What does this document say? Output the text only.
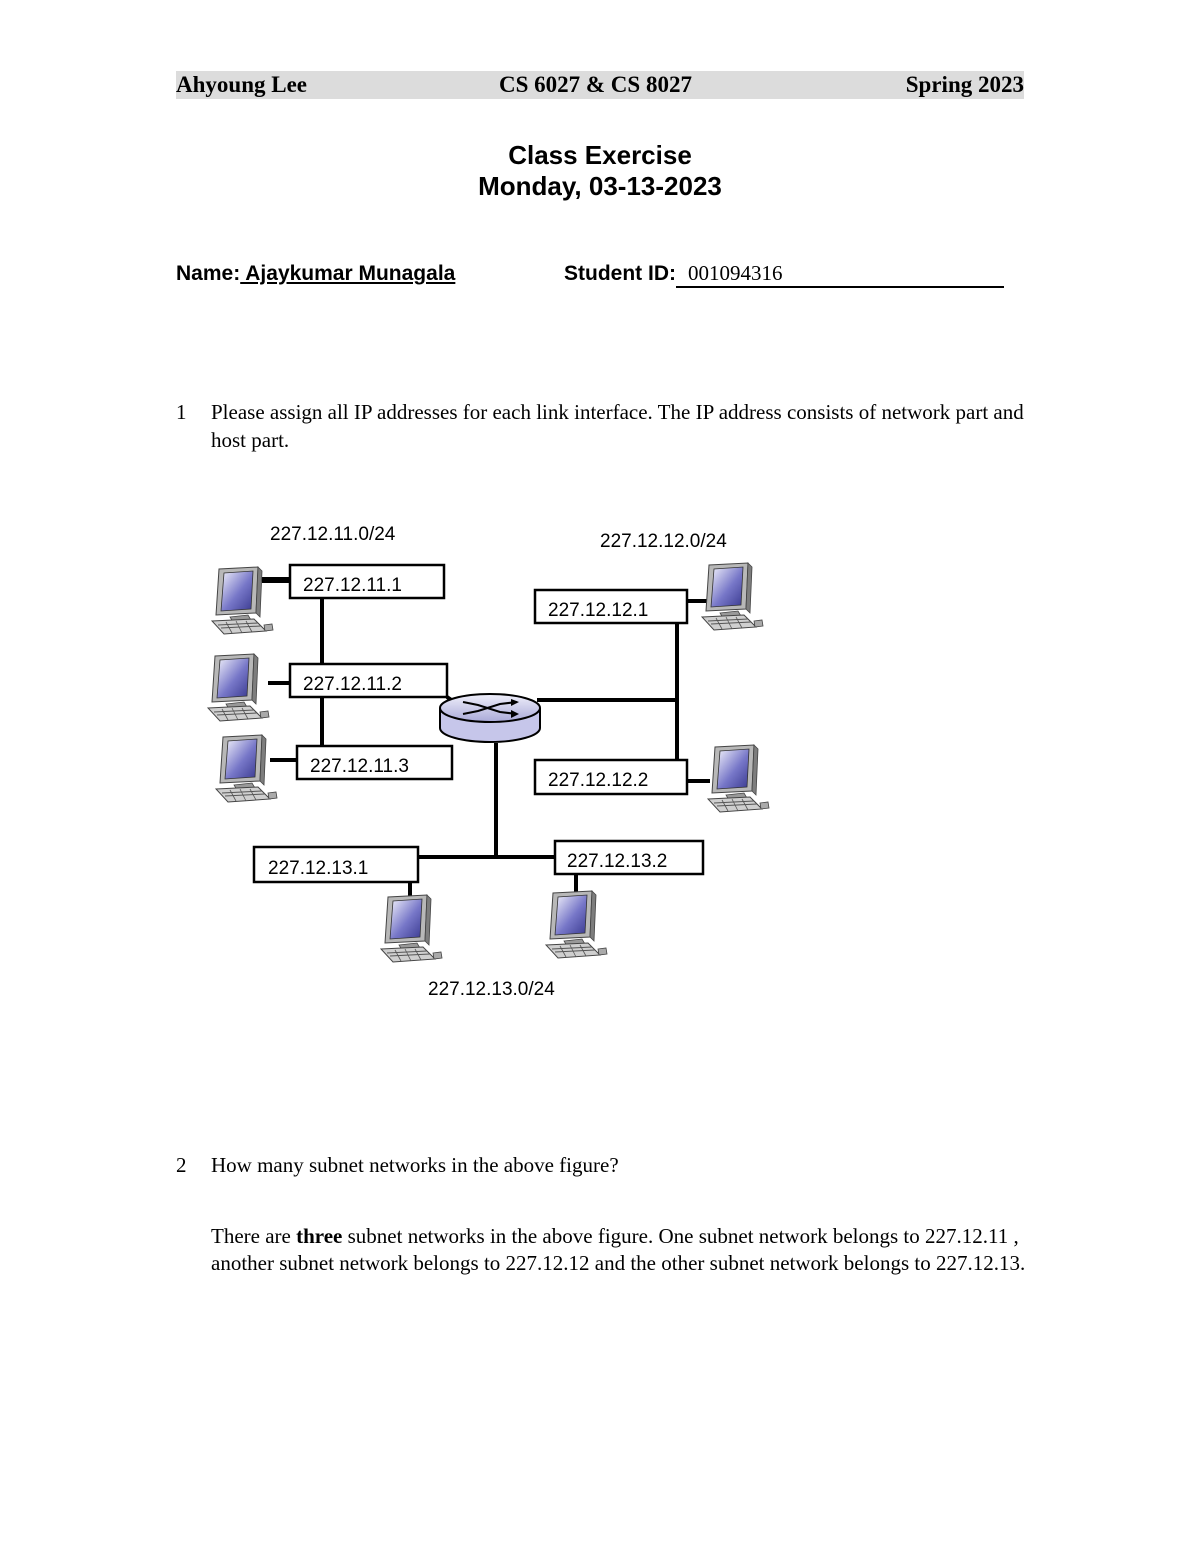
Ahyoung Lee	CS 6027 & CS 8027	Spring 2023
Class Exercise
Monday, 03-13-2023
Name: Ajaykumar Munagala	Student ID: 001094316
1 Please assign all IP addresses for each link interface. The IP address consists of network part and host part.
227.12.11.0/24	227.12.12.0/24
227.12.13.0/24
227.12.11.1
227.12.11.2
227.12.11.3
227.12.12.1
227.12.12.2
227.12.13.1	227.12.13.2
2 How many subnet networks in the above figure?
There are three subnet networks in the above figure. One subnet network belongs to 227.12.11 , another subnet network belongs to 227.12.12 and the other subnet network belongs to 227.12.13.
